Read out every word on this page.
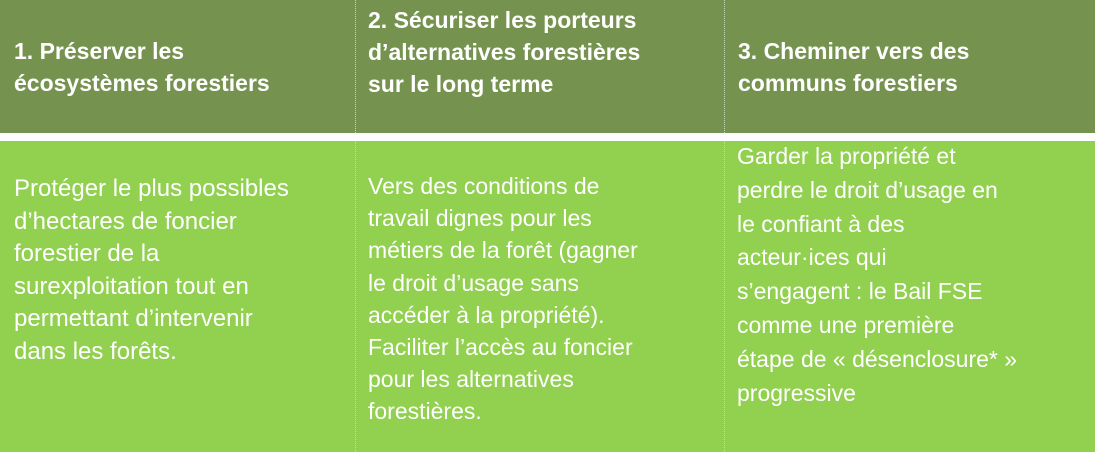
1. Préserver les
écosystèmes forestiers
2. Sécuriser les porteurs
d’alternatives forestières
sur le long terme
3. Cheminer vers des
communs forestiers
Protéger le plus possibles
d’hectares de foncier
forestier de la
surexploitation tout en
permettant d’intervenir
dans les forêts.
Vers des conditions de
travail dignes pour les
métiers de la forêt (gagner
le droit d’usage sans
accéder à la propriété).
Faciliter l’accès au foncier
pour les alternatives
forestières.
Garder la propriété et
perdre le droit d’usage en
le confiant à des
acteur·ices qui
s’engagent : le Bail FSE
comme une première
étape de « désenclosure* »
progressive
